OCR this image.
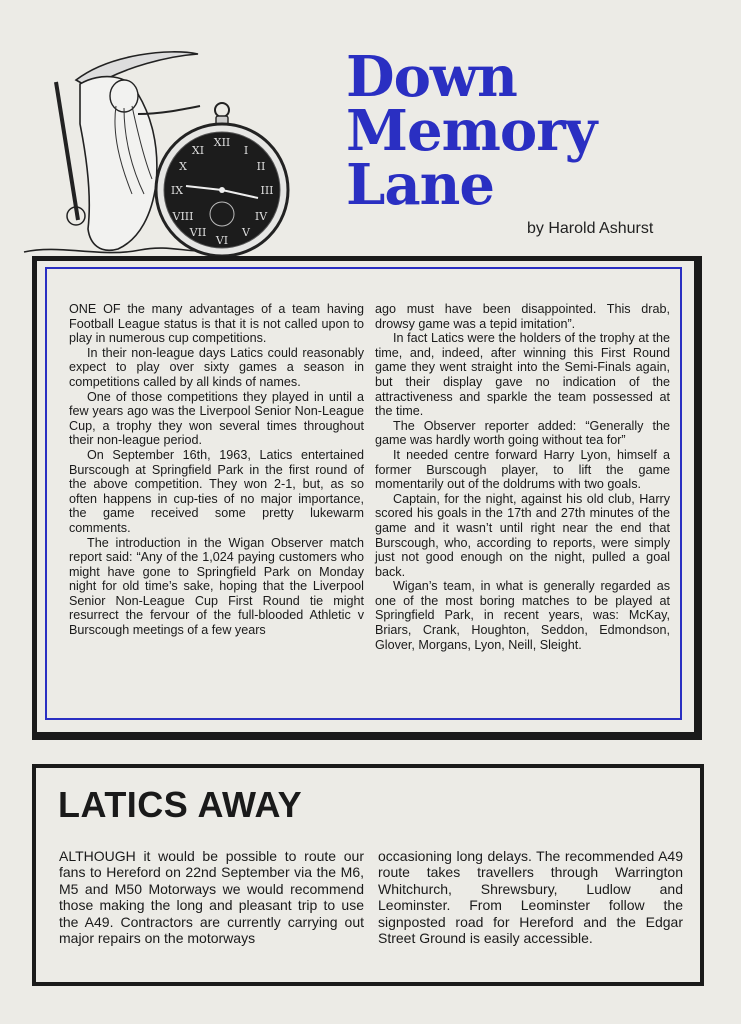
XII
III
VI
IX
I
II
IV
V
VII
VIII
X
XI
Down
Memory
Lane
by Harold Ashurst

ONE OF the many advantages of a team having Football League status is that it is not called upon to play in numerous cup competitions.

In their non-league days Latics could reasonably expect to play over sixty games a season in competitions called by all kinds of names.

One of those competitions they played in until a few years ago was the Liverpool Senior Non-League Cup, a trophy they won several times throughout their non-league period.

On September 16th, 1963, Latics entertained Burscough at Springfield Park in the first round of the above competition. They won 2-1, but, as so often happens in cup-ties of no major importance, the game received some pretty lukewarm comments.

The introduction in the Wigan Observer match report said: “Any of the 1,024 paying customers who might have gone to Springfield Park on Monday night for old time’s sake, hoping that the Liverpool Senior Non-League Cup First Round tie might resurrect the fervour of the full-blooded Athletic v Burscough meetings of a few years

ago must have been disappointed. This drab, drowsy game was a tepid imitation”.

In fact Latics were the holders of the trophy at the time, and, indeed, after winning this First Round game they went straight into the Semi-Finals again, but their display gave no indication of the attractiveness and sparkle the team possessed at the time.

The Observer reporter added: “Generally the game was hardly worth going without tea for”

It needed centre forward Harry Lyon, himself a former Burscough player, to lift the game momentarily out of the doldrums with two goals.

Captain, for the night, against his old club, Harry scored his goals in the 17th and 27th minutes of the game and it wasn’t until right near the end that Burscough, who, according to reports, were simply just not good enough on the night, pulled a goal back.

Wigan’s team, in what is generally regarded as one of the most boring matches to be played at Springfield Park, in recent years, was: McKay, Briars, Crank, Houghton, Seddon, Edmondson, Glover, Morgans, Lyon, Neill, Sleight.

LATICS AWAY

ALTHOUGH it would be possible to route our fans to Hereford on 22nd September via the M6, M5 and M50 Motorways we would recommend those making the long and pleasant trip to use the A49. Contractors are currently carrying out major repairs on the motorways

occasioning long delays. The recommended A49 route takes travellers through Warrington Whitchurch, Shrewsbury, Ludlow and Leominster. From Leominster follow the signposted road for Hereford and the Edgar Street Ground is easily accessible.
